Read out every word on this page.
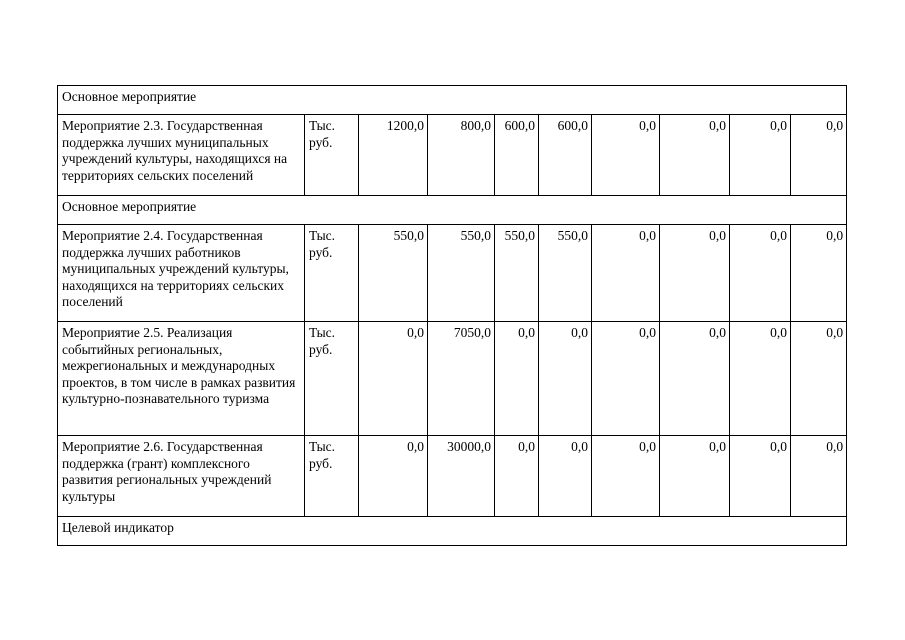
Основное мероприятие									
Мероприятие 2.3. Государственная поддержка лучших муниципальных учреждений культуры, находящихся на территориях сельских поселений	Тыс. руб.	1200,0	800,0	600,0	600,0	0,0	0,0	0,0	0,0
Основное мероприятие									
Мероприятие 2.4. Государственная поддержка лучших работников муниципальных учреждений культуры, находящихся на территориях сельских поселений	Тыс. руб.	550,0	550,0	550,0	550,0	0,0	0,0	0,0	0,0
Мероприятие 2.5. Реализация событийных региональных, межрегиональных и международных проектов, в том числе в рамках развития культурно-познавательного туризма	Тыс. руб.	0,0	7050,0	0,0	0,0	0,0	0,0	0,0	0,0
Мероприятие 2.6. Государственная поддержка (грант) комплексного развития региональных учреждений культуры	Тыс. руб.	0,0	30000,0	0,0	0,0	0,0	0,0	0,0	0,0
Целевой индикатор									
